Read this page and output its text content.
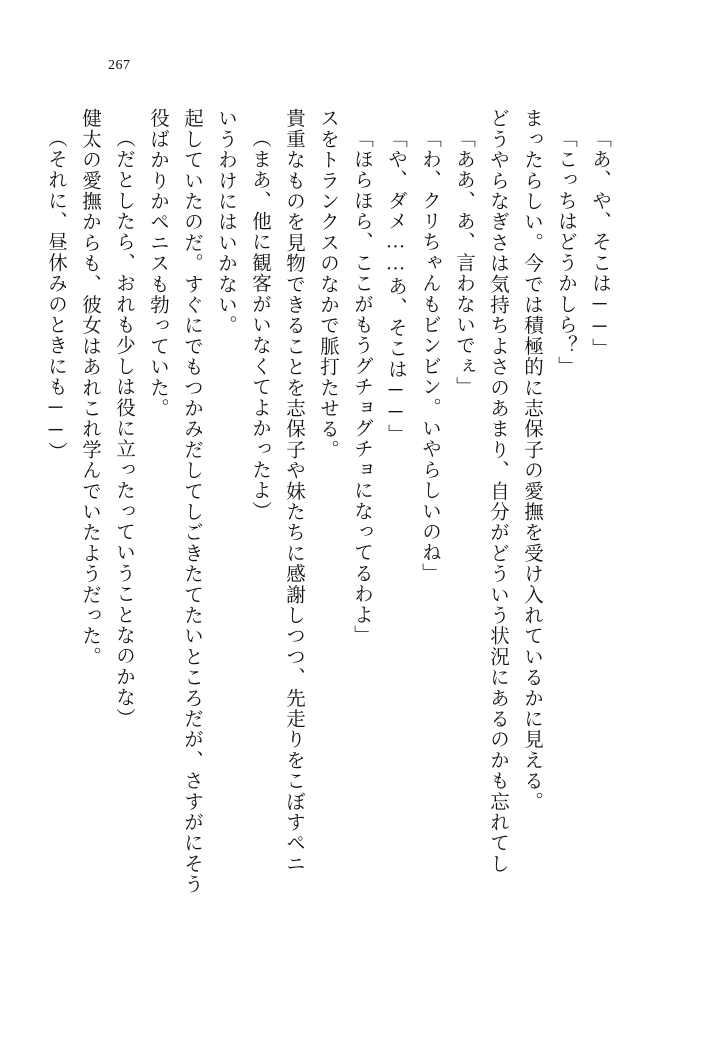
267
（それに、昼休みのときにも──） 健太の愛撫からも、彼女はあれこれ学んでいたようだった。 （だとしたら、おれも少しは役に立ったっていうことなのかな） 役ばかりかペニスも勃っていた。 起していたのだ。すぐにでもつかみだしてしごきたてたいところだが、さすがにそう いうわけにはいかない。 （まあ、他に観客がいなくてよかったよ） 貴重なものを見物できることを志保子や妹たちに感謝しつつ、先走りをこぼすペニ スをトランクスのなかで脈打たせる。 「ほらほら、ここがもうグチョグチョになってるわよ」 「や、ダメ……あ、そこは──」 「わ、クリちゃんもビンビン。いやらしいのね」 「ああ、あ、言わないでぇ」 どうやらなぎさは気持ちよさのあまり、自分がどういう状況にあるのかも忘れてし まったらしい。今では積極的に志保子の愛撫を受け入れているかに見える。 「こっちはどうかしら？」 「あ、や、そこは──」
